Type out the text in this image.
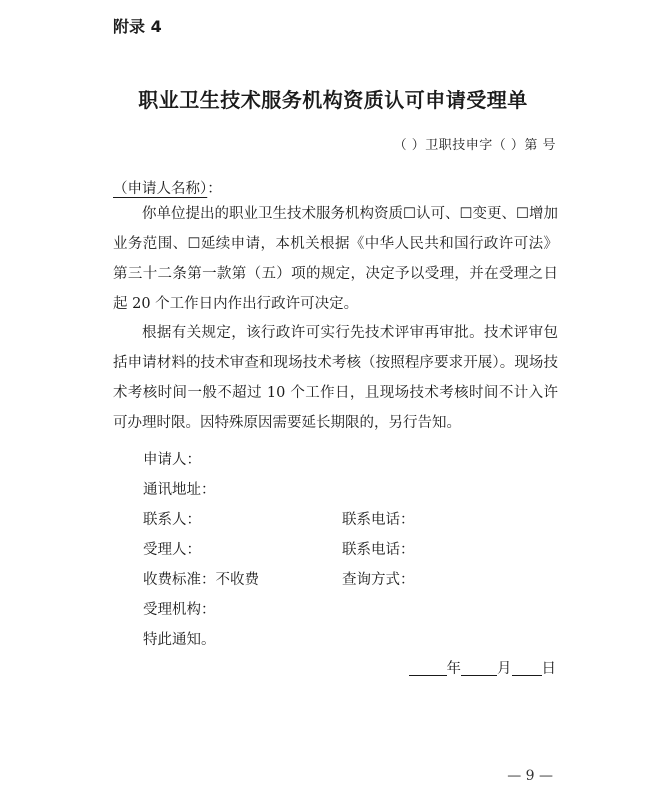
附录 4
职业卫生技术服务机构资质认可申请受理单
（ ）卫职技申字（ ）第 号
（申请人名称）：

你单位提出的职业卫生技术服务机构资质☐认可、☐变更、☐增加业务范围、☐延续申请，本机关根据《中华人民共和国行政许可法》第三十二条第一款第（五）项的规定，决定予以受理，并在受理之日起 20 个工作日内作出行政许可决定。

根据有关规定，该行政许可实行先技术评审再审批。技术评审包括申请材料的技术审查和现场技术考核（按照程序要求开展）。现场技术考核时间一般不超过 10 个工作日，且现场技术考核时间不计入许可办理时限。因特殊原因需要延长期限的，另行告知。

申请人：
通讯地址：
联系人：	联系电话：
受理人：	联系电话：
收费标准：不收费	查询方式：
受理机构：
特此通知。
年 月 日
— 9 —
